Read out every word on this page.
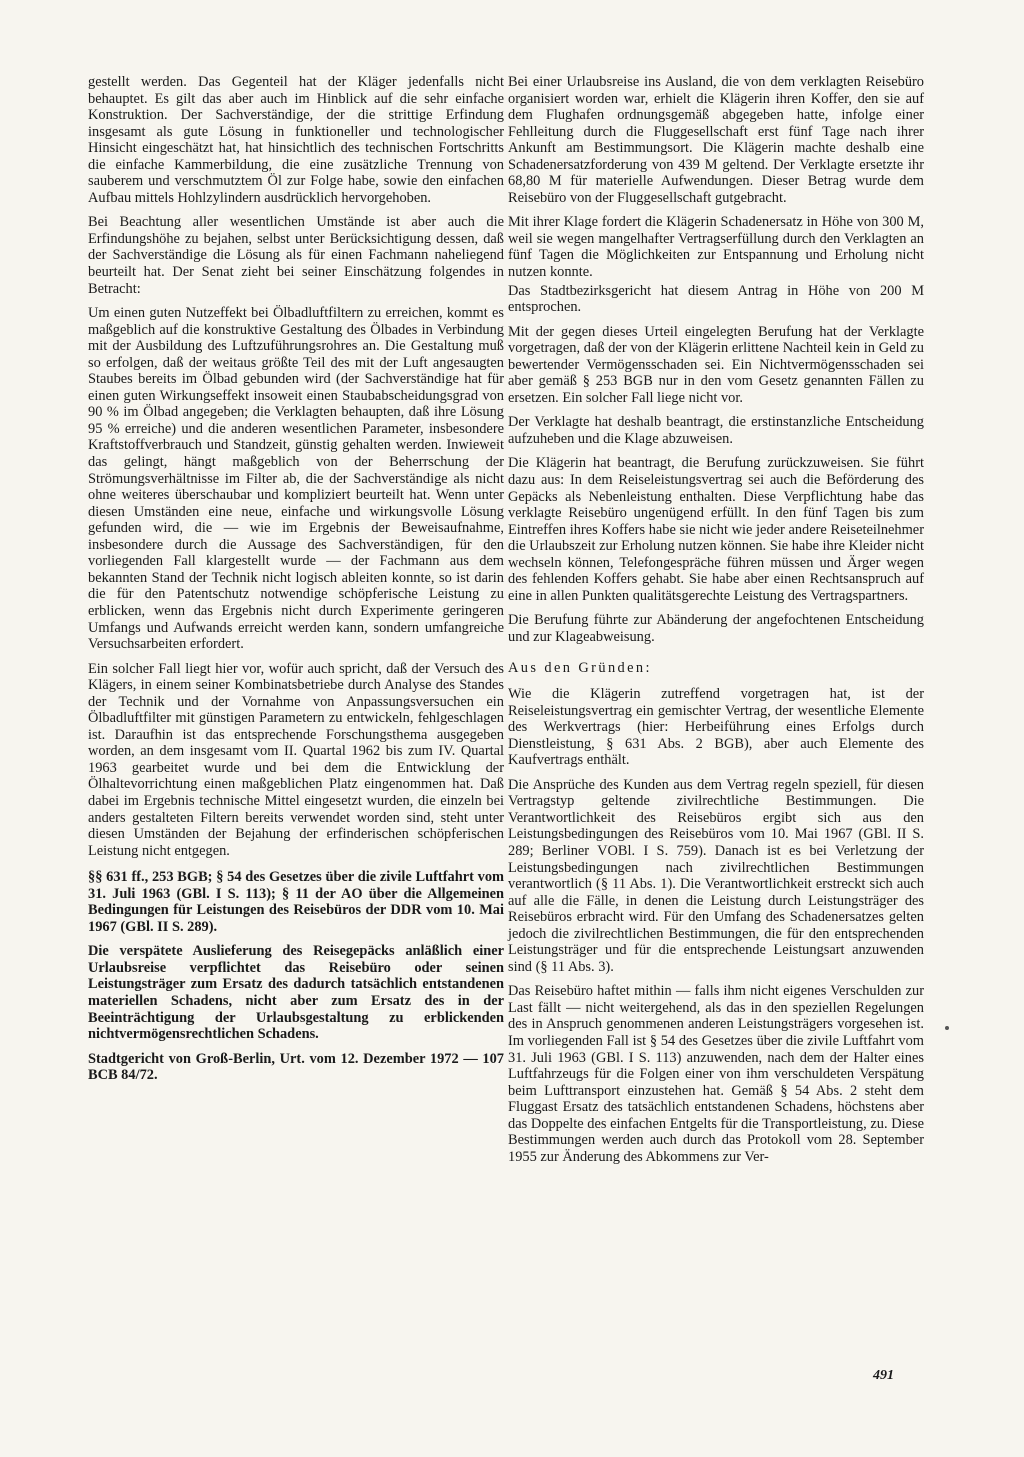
gestellt werden. Das Gegenteil hat der Kläger jedenfalls nicht behauptet. Es gilt das aber auch im Hinblick auf die sehr einfache Konstruktion. Der Sachverständige, der die strittige Erfindung insgesamt als gute Lösung in funktioneller und technologischer Hinsicht eingeschätzt hat, hat hinsichtlich des technischen Fortschritts die einfache Kammerbildung, die eine zusätzliche Trennung von sauberem und verschmutztem Öl zur Folge habe, sowie den einfachen Aufbau mittels Hohlzylindern ausdrücklich hervorgehoben.

Bei Beachtung aller wesentlichen Umstände ist aber auch die Erfindungshöhe zu bejahen, selbst unter Berücksichtigung dessen, daß der Sachverständige die Lösung als für einen Fachmann naheliegend beurteilt hat. Der Senat zieht bei seiner Einschätzung folgendes in Betracht:

Um einen guten Nutzeffekt bei Ölbadluftfiltern zu erreichen, kommt es maßgeblich auf die konstruktive Gestaltung des Ölbades in Verbindung mit der Ausbildung des Luftzuführungsrohres an. Die Gestaltung muß so erfolgen, daß der weitaus größte Teil des mit der Luft angesaugten Staubes bereits im Ölbad gebunden wird (der Sachverständige hat für einen guten Wirkungseffekt insoweit einen Staubabscheidungsgrad von 90 % im Ölbad angegeben; die Verklagten behaupten, daß ihre Lösung 95 % erreiche) und die anderen wesentlichen Parameter, insbesondere Kraftstoffverbrauch und Standzeit, günstig gehalten werden. Inwieweit das gelingt, hängt maßgeblich von der Beherrschung der Strömungsverhältnisse im Filter ab, die der Sachverständige als nicht ohne weiteres überschaubar und kompliziert beurteilt hat. Wenn unter diesen Umständen eine neue, einfache und wirkungsvolle Lösung gefunden wird, die — wie im Ergebnis der Beweisaufnahme, insbesondere durch die Aussage des Sachverständigen, für den vorliegenden Fall klargestellt wurde — der Fachmann aus dem bekannten Stand der Technik nicht logisch ableiten konnte, so ist darin die für den Patentschutz notwendige schöpferische Leistung zu erblicken, wenn das Ergebnis nicht durch Experimente geringeren Umfangs und Aufwands erreicht werden kann, sondern umfangreiche Versuchsarbeiten erfordert.

Ein solcher Fall liegt hier vor, wofür auch spricht, daß der Versuch des Klägers, in einem seiner Kombinatsbetriebe durch Analyse des Standes der Technik und der Vornahme von Anpassungsversuchen ein Ölbadluftfilter mit günstigen Parametern zu entwickeln, fehlgeschlagen ist. Daraufhin ist das entsprechende Forschungsthema ausgegeben worden, an dem insgesamt vom II. Quartal 1962 bis zum IV. Quartal 1963 gearbeitet wurde und bei dem die Entwicklung der Ölhaltevorrichtung einen maßgeblichen Platz eingenommen hat. Daß dabei im Ergebnis technische Mittel eingesetzt wurden, die einzeln bei anders gestalteten Filtern bereits verwendet worden sind, steht unter diesen Umständen der Bejahung der erfinderischen schöpferischen Leistung nicht entgegen.

§§ 631 ff., 253 BGB; § 54 des Gesetzes über die zivile Luftfahrt vom 31. Juli 1963 (GBl. I S. 113); § 11 der AO über die Allgemeinen Bedingungen für Leistungen des Reisebüros der DDR vom 10. Mai 1967 (GBl. II S. 289).

Die verspätete Auslieferung des Reisegepäcks anläßlich einer Urlaubsreise verpflichtet das Reisebüro oder seinen Leistungsträger zum Ersatz des dadurch tatsächlich entstandenen materiellen Schadens, nicht aber zum Ersatz des in der Beeinträchtigung der Urlaubsgestaltung zu erblickenden nichtvermögensrechtlichen Schadens.

Stadtgericht von Groß-Berlin, Urt. vom 12. Dezember 1972 — 107 BCB 84/72.

Bei einer Urlaubsreise ins Ausland, die von dem verklagten Reisebüro organisiert worden war, erhielt die Klägerin ihren Koffer, den sie auf dem Flughafen ordnungsgemäß abgegeben hatte, infolge einer Fehlleitung durch die Fluggesellschaft erst fünf Tage nach ihrer Ankunft am Bestimmungsort. Die Klägerin machte deshalb eine Schadenersatzforderung von 439 M geltend. Der Verklagte ersetzte ihr 68,80 M für materielle Aufwendungen. Dieser Betrag wurde dem Reisebüro von der Fluggesellschaft gutgebracht.

Mit ihrer Klage fordert die Klägerin Schadenersatz in Höhe von 300 M, weil sie wegen mangelhafter Vertragserfüllung durch den Verklagten an fünf Tagen die Möglichkeiten zur Entspannung und Erholung nicht nutzen konnte.

Das Stadtbezirksgericht hat diesem Antrag in Höhe von 200 M entsprochen.

Mit der gegen dieses Urteil eingelegten Berufung hat der Verklagte vorgetragen, daß der von der Klägerin erlittene Nachteil kein in Geld zu bewertender Vermögensschaden sei. Ein Nichtvermögensschaden sei aber gemäß § 253 BGB nur in den vom Gesetz genannten Fällen zu ersetzen. Ein solcher Fall liege nicht vor.

Der Verklagte hat deshalb beantragt, die erstinstanzliche Entscheidung aufzuheben und die Klage abzuweisen.

Die Klägerin hat beantragt, die Berufung zurückzuweisen. Sie führt dazu aus: In dem Reiseleistungsvertrag sei auch die Beförderung des Gepäcks als Nebenleistung enthalten. Diese Verpflichtung habe das verklagte Reisebüro ungenügend erfüllt. In den fünf Tagen bis zum Eintreffen ihres Koffers habe sie nicht wie jeder andere Reiseteilnehmer die Urlaubszeit zur Erholung nutzen können. Sie habe ihre Kleider nicht wechseln können, Telefongespräche führen müssen und Ärger wegen des fehlenden Koffers gehabt. Sie habe aber einen Rechtsanspruch auf eine in allen Punkten qualitätsgerechte Leistung des Vertragspartners.

Die Berufung führte zur Abänderung der angefochtenen Entscheidung und zur Klageabweisung.

Aus den Gründen:

Wie die Klägerin zutreffend vorgetragen hat, ist der Reiseleistungsvertrag ein gemischter Vertrag, der wesentliche Elemente des Werkvertrags (hier: Herbeiführung eines Erfolgs durch Dienstleistung, § 631 Abs. 2 BGB), aber auch Elemente des Kaufvertrags enthält.

Die Ansprüche des Kunden aus dem Vertrag regeln speziell, für diesen Vertragstyp geltende zivilrechtliche Bestimmungen. Die Verantwortlichkeit des Reisebüros ergibt sich aus den Leistungsbedingungen des Reisebüros vom 10. Mai 1967 (GBl. II S. 289; Berliner VOBl. I S. 759). Danach ist es bei Verletzung der Leistungsbedingungen nach zivilrechtlichen Bestimmungen verantwortlich (§ 11 Abs. 1). Die Verantwortlichkeit erstreckt sich auch auf alle die Fälle, in denen die Leistung durch Leistungsträger des Reisebüros erbracht wird. Für den Umfang des Schadenersatzes gelten jedoch die zivilrechtlichen Bestimmungen, die für den entsprechenden Leistungsträger und für die entsprechende Leistungsart anzuwenden sind (§ 11 Abs. 3).

Das Reisebüro haftet mithin — falls ihm nicht eigenes Verschulden zur Last fällt — nicht weitergehend, als das in den speziellen Regelungen des in Anspruch genommenen anderen Leistungsträgers vorgesehen ist. Im vorliegenden Fall ist § 54 des Gesetzes über die zivile Luftfahrt vom 31. Juli 1963 (GBl. I S. 113) anzuwenden, nach dem der Halter eines Luftfahrzeugs für die Folgen einer von ihm verschuldeten Verspätung beim Lufttransport einzustehen hat. Gemäß § 54 Abs. 2 steht dem Fluggast Ersatz des tatsächlich entstandenen Schadens, höchstens aber das Doppelte des einfachen Entgelts für die Transportleistung, zu. Diese Bestimmungen werden auch durch das Protokoll vom 28. September 1955 zur Änderung des Abkommens zur Ver-

491
